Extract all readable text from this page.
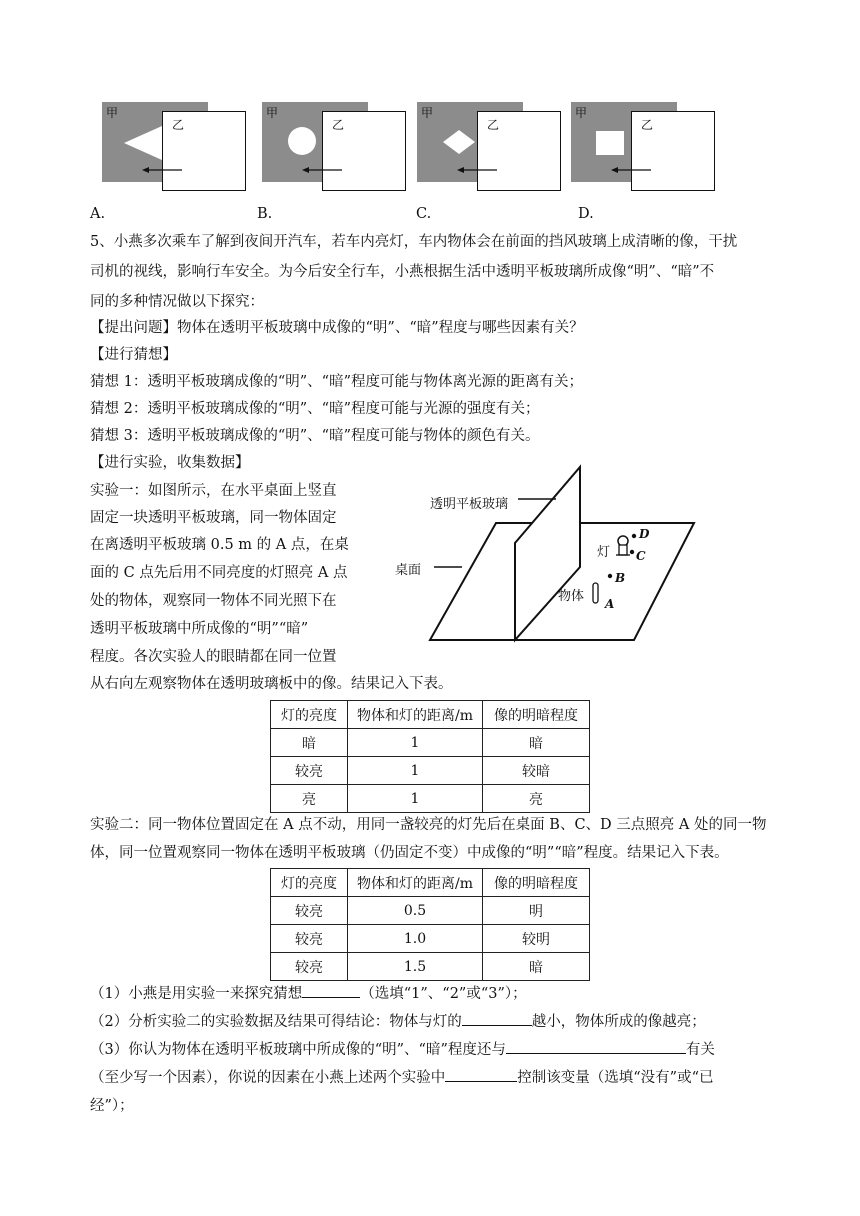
甲
乙
甲
乙
甲
乙
甲
乙
A.	B.	C.	D.
5、小燕多次乘车了解到夜间开汽车，若车内亮灯，车内物体会在前面的挡风玻璃上成清晰的像，干扰
司机的视线，影响行车安全。为今后安全行车，小燕根据生活中透明平板玻璃所成像“明”、“暗”不
同的多种情况做以下探究：
【提出问题】物体在透明平板玻璃中成像的“明”、“暗”程度与哪些因素有关？
【进行猜想】
猜想 1：透明平板玻璃成像的“明”、“暗”程度可能与物体离光源的距离有关；
猜想 2：透明平板玻璃成像的“明”、“暗”程度可能与光源的强度有关；
猜想 3：透明平板玻璃成像的“明”、“暗”程度可能与物体的颜色有关。
【进行实验，收集数据】
实验一：如图所示，在水平桌面上竖直
固定一块透明平板玻璃，同一物体固定
在离透明平板玻璃 0.5 m 的 A 点，在桌
面的 C 点先后用不同亮度的灯照亮 A 点
处的物体，观察同一物体不同光照下在
透明平板玻璃中所成像的“明”“暗”
程度。各次实验人的眼睛都在同一位置
从右向左观察物体在透明玻璃板中的像。结果记入下表。
透明平板玻璃
桌面
灯
物体
D
C
B
A
灯的亮度	物体和灯的距离/m	像的明暗程度
暗	1	暗
较亮	1	较暗
亮	1	亮
实验二：同一物体位置固定在 A 点不动，用同一盏较亮的灯先后在桌面 B、C、D 三点照亮 A 处的同一物
体，同一位置观察同一物体在透明平板玻璃（仍固定不变）中成像的“明”“暗”程度。结果记入下表。
灯的亮度	物体和灯的距离/m	像的明暗程度
较亮	0.5	明
较亮	1.0	较明
较亮	1.5	暗
（1）小燕是用实验一来探究猜想	（选填“1”、“2”或“3”）；
（2）分析实验二的实验数据及结果可得结论：物体与灯的	越小，物体所成的像越亮；
（3）你认为物体在透明平板玻璃中所成像的“明”、“暗”程度还与	有关
（至少写一个因素），你说的因素在小燕上述两个实验中	控制该变量（选填“没有”或“已
经”）；
